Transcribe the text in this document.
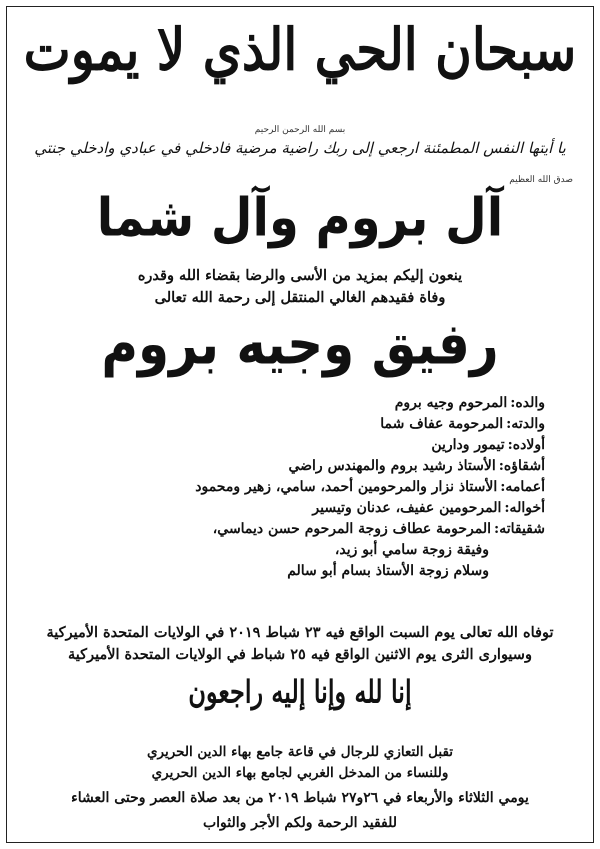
سبحان الحي الذي لا يموت
بسم الله الرحمن الرحيم
يا أيتها النفس المطمئنة ارجعي إلى ربك راضية مرضية فادخلي في عبادي وادخلي جنتي
صدق الله العظيم
آل بروم وآل شما
ينعون إليكم بمزيد من الأسى والرضا بقضاء الله وقدره
وفاة فقيدهم الغالي المنتقل إلى رحمة الله تعالى
رفيق وجيه بروم
والده:المرحوم وجيه بروم
والدته:المرحومة عفاف شما
أولاده:تيمور ودارين
أشقاؤه:الأستاذ رشيد بروم والمهندس راضي
أعمامه:الأستاذ نزار والمرحومين أحمد، سامي، زهير ومحمود
أخواله:المرحومين عفيف، عدنان وتيسير
شقيقاته:المرحومة عطاف زوجة المرحوم حسن ديماسي،
وفيقة زوجة سامي أبو زيد،
وسلام زوجة الأستاذ بسام أبو سالم
توفاه الله تعالى يوم السبت الواقع فيه ٢٣ شباط ٢٠١٩ في الولايات المتحدة الأميركية
وسيوارى الثرى يوم الاثنين الواقع فيه ٢٥ شباط في الولايات المتحدة الأميركية
إنا لله وإنا إليه راجعون
تقبل التعازي للرجال في قاعة جامع بهاء الدين الحريري
وللنساء من المدخل الغربي لجامع بهاء الدين الحريري
يومي الثلاثاء والأربعاء في ٢٦و٢٧ شباط ٢٠١٩ من بعد صلاة العصر وحتى العشاء
للفقيد الرحمة ولكم الأجر والثواب
